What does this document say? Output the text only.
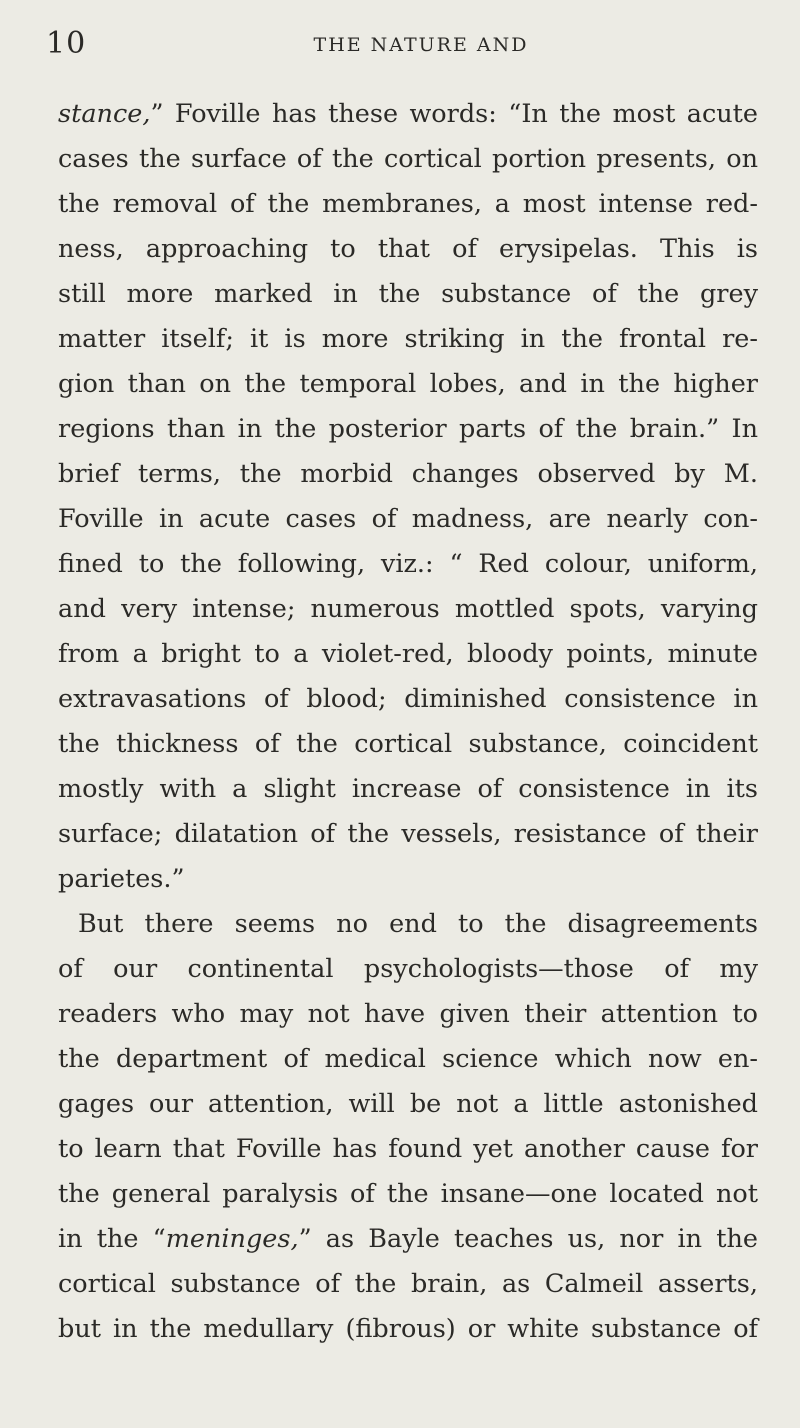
10	THE NATURE AND
stance,” Foville has these words: “In the most acute
cases the surface of the cortical portion presents, on
the removal of the membranes, a most intense red-
ness, approaching to that of erysipelas. This is
still more marked in the substance of the grey
matter itself; it is more striking in the frontal re-
gion than on the temporal lobes, and in the higher
regions than in the posterior parts of the brain.” In
brief terms, the morbid changes observed by M.
Foville in acute cases of madness, are nearly con-
fined to the following, viz.: “ Red colour, uniform,
and very intense; numerous mottled spots, varying
from a bright to a violet-red, bloody points, minute
extravasations of blood; diminished consistence in
the thickness of the cortical substance, coincident
mostly with a slight increase of consistence in its
surface; dilatation of the vessels, resistance of their
parietes.”
But there seems no end to the disagreements
of our continental psychologists—those of my
readers who may not have given their attention to
the department of medical science which now en-
gages our attention, will be not a little astonished
to learn that Foville has found yet another cause for
the general paralysis of the insane—one located not
in the “meninges,” as Bayle teaches us, nor in the
cortical substance of the brain, as Calmeil asserts,
but in the medullary (fibrous) or white substance of
